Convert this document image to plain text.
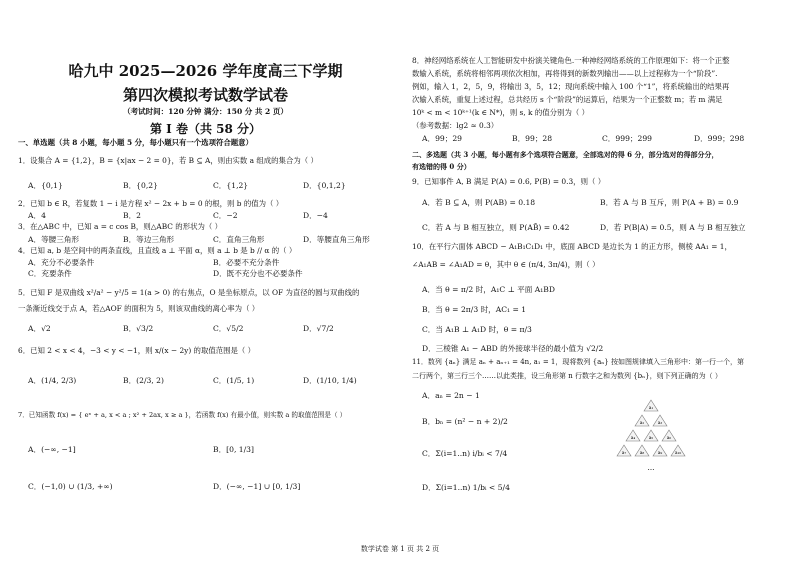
哈九中 2025—2026 学年度高三下学期
第四次模拟考试数学试卷
（考试时间：120 分钟 满分：150 分 共 2 页）
第 I 卷（共 58 分）
一、单选题（共 8 小题，每小题 5 分，每小题只有一个选项符合题意）
1．设集合 A = {1,2}，B = {x|ax − 2 = 0}，若 B ⊆ A，则由实数 a 组成的集合为（ ）
A．{0,1}	B．{0,2}	C．{1,2}	D．{0,1,2}
2．已知 b ∈ R，若复数 1 − i 是方程 x² − 2x + b = 0 的根，则 b 的值为（ ）
A．4	B．2	C．−2	D．−4
3．在△ABC 中，已知 a = c cos B，则△ABC 的形状为（ ）
A．等腰三角形	B．等边三角形	C．直角三角形	D．等腰直角三角形
4．已知 a, b 是空间中的两条直线，且直线 a ⊥ 平面 α，则 a ⊥ b 是 b // α 的（ ）
A．充分不必要条件	B．必要不充分条件
C．充要条件	D．既不充分也不必要条件
5．已知 F 是双曲线 x²/a² − y²/5 = 1(a > 0) 的右焦点，O 是坐标原点，以 OF 为直径的圆与双曲线的
一条渐近线交于点 A，若△AOF 的面积为 5，则该双曲线的离心率为（ ）
A．√2	B．√3/2	C．√5/2	D．√7/2
6．已知 2 < x < 4，−3 < y < −1，则 x/(x − 2y) 的取值范围是（ ）
A．(1/4, 2/3)	B．(2/3, 2)	C．(1/5, 1)	D．(1/10, 1/4)
7．已知函数 f(x) = { eˣ + a, x < a ; x² + 2ax, x ≥ a }，若函数 f(x) 有最小值，则实数 a 的取值范围是（ ）
A．(−∞, −1]	B．[0, 1/3]
C．(−1,0) ∪ (1/3, +∞)	D．(−∞, −1] ∪ [0, 1/3]
8．神经网络系统在人工智能研发中扮演关键角色.一种神经网络系统的工作原理如下：将一个正整
数输入系统，系统将相邻两项依次相加，再将得到的新数列输出——以上过程称为一个“阶段”.
例如，输入 1，2，5，9，将输出 3，5，12；现向系统中输入 100 个“1”，将系统输出的结果再
次输入系统，重复上述过程，总共经历 s 个“阶段”的运算后，结果为一个正整数 m；若 m 满足
10ᵏ < m < 10ᵏ⁺¹(k ∈ N*)，则 s, k 的值分别为（ ）
（参考数据：lg2 ≈ 0.3）
A．99；29	B．99；28	C．999；299	D．999；298
二、多选题（共 3 小题，每小题有多个选项符合题意，全部选对的得 6 分，部分选对的得部分分，
有选错的得 0 分）
9．已知事件 A, B 满足 P(A) = 0.6, P(B) = 0.3，则（ ）
A．若 B ⊆ A，则 P(AB) = 0.18	B．若 A 与 B 互斥，则 P(A + B) = 0.9
C．若 A 与 B 相互独立，则 P(AB̄) = 0.42	D．若 P(B|A) = 0.5，则 A 与 B 相互独立
10．在平行六面体 ABCD − A₁B₁C₁D₁ 中，底面 ABCD 是边长为 1 的正方形，侧棱 AA₁ = 1，
∠A₁AB = ∠A₁AD = θ，其中 θ ∈ (π/4, 3π/4)，则（ ）
A．当 θ = π/2 时，A₁C ⊥ 平面 A₁BD
B．当 θ = 2π/3 时，AC₁ = 1
C．当 A₁B ⊥ A₁D 时，θ = π/3
D．三棱锥 A₁ − ABD 的外接球半径的最小值为 √2/2
11．数列 {aₙ} 满足 aₙ + aₙ₊₁ = 4n, a₁ = 1，现将数列 {aₙ} 按如图规律填入三角形中：第一行一个，第
二行两个，第三行三个……以此类推，设三角形第 n 行数字之和为数列 {bₙ}，则下列正确的为（ ）
A．aₙ = 2n − 1
B．bₙ = (n² − n + 2)/2
C．Σ(i=1..n) i/bᵢ < 7/4
D．Σ(i=1..n) 1/bᵢ < 5/4
a₁
a₂	a₃
a₄	a₅	a₆
a₇	a₈	a₉	a₁₀
…
数学试卷 第 1 页 共 2 页
